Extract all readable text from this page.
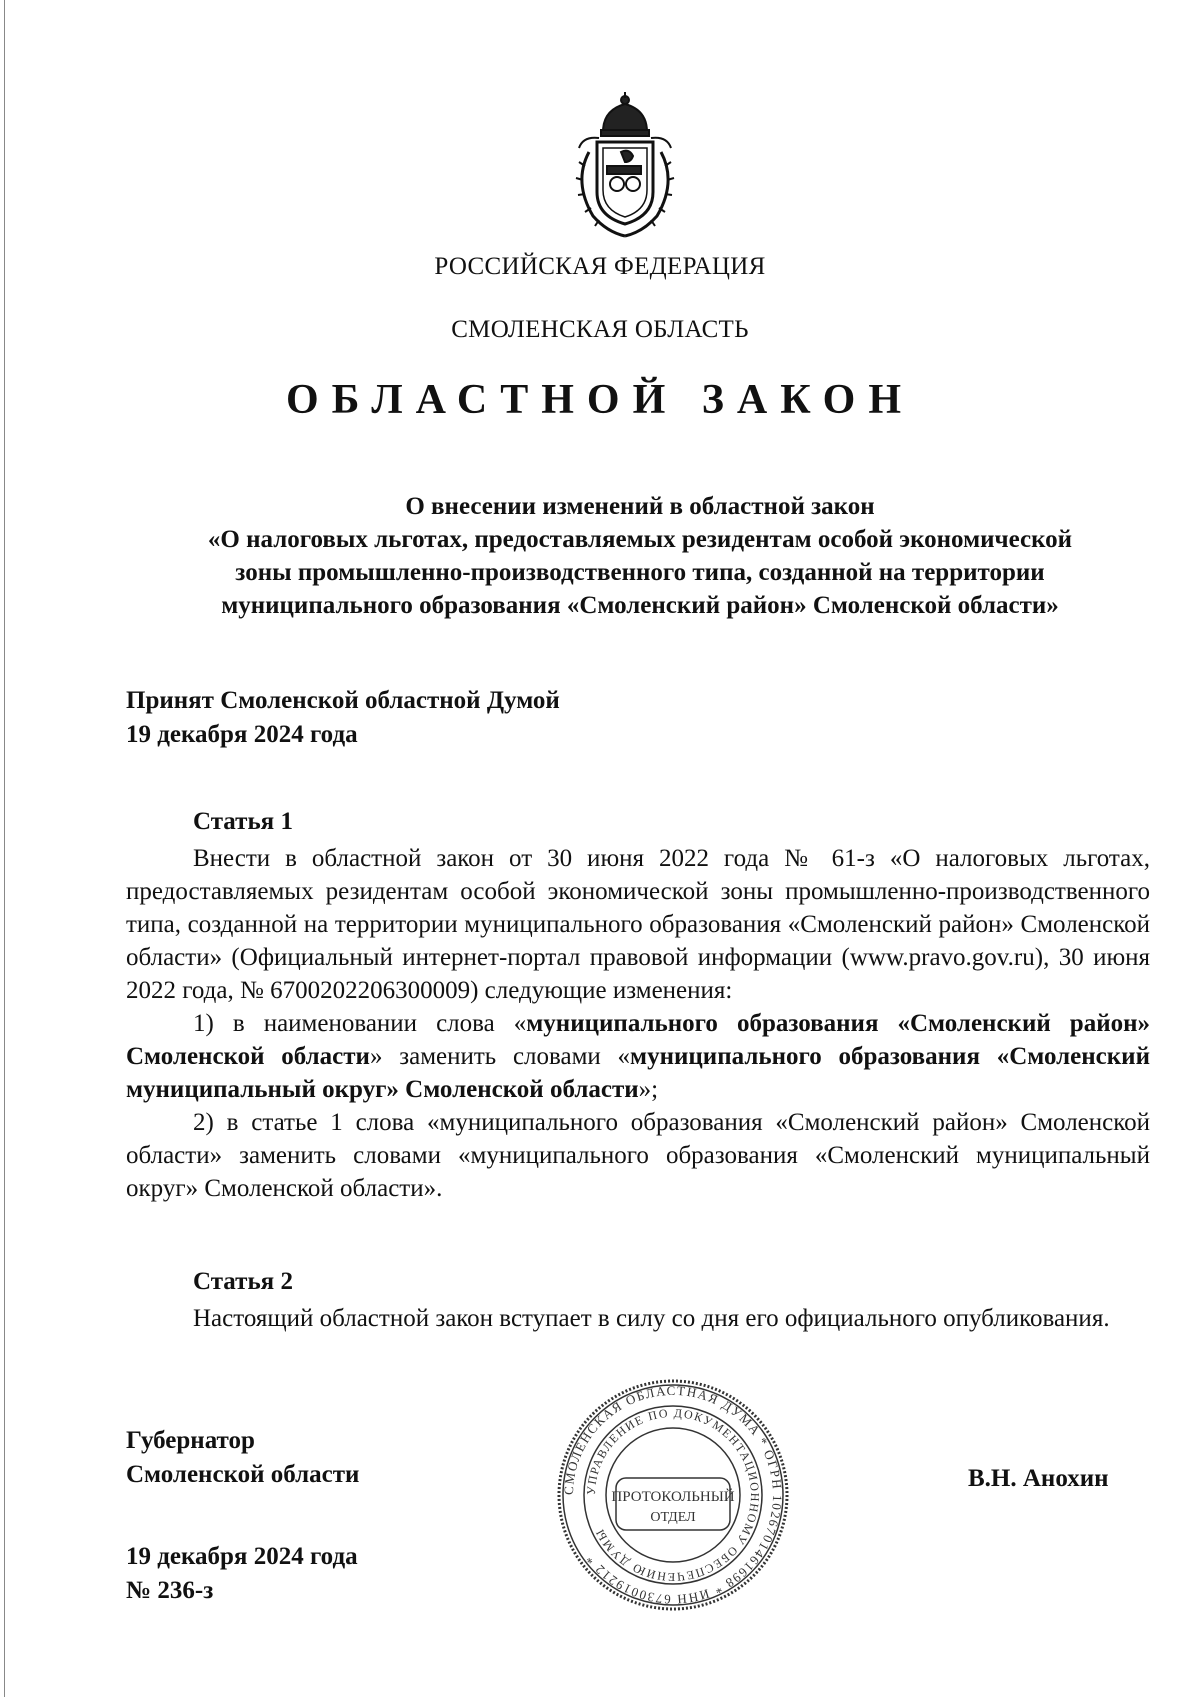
РОССИЙСКАЯ ФЕДЕРАЦИЯ
СМОЛЕНСКАЯ ОБЛАСТЬ
ОБЛАСТНОЙ ЗАКОН
О внесении изменений в областной закон
«О налоговых льготах, предоставляемых резидентам особой экономической
зоны промышленно-производственного типа, созданной на территории
муниципального образования «Смоленский район» Смоленской области»
Принят Смоленской областной Думой
19 декабря 2024 года
Статья 1

Внести в областной закон от 30 июня 2022 года № 61-з «О налоговых льготах, предоставляемых резидентам особой экономической зоны промышленно-производственного типа, созданной на территории муниципального образования «Смоленский район» Смоленской области» (Официальный интернет-портал правовой информации (www.pravo.gov.ru), 30 июня 2022 года, № 6700202206300009) следующие изменения:

1) в наименовании слова «муниципального образования «Смоленский район» Смоленской области» заменить словами «муниципального образования «Смоленский муниципальный округ» Смоленской области»;

2) в статье 1 слова «муниципального образования «Смоленский район» Смоленской области» заменить словами «муниципального образования «Смоленский муниципальный округ» Смоленской области».

Статья 2

Настоящий областной закон вступает в силу со дня его официального опубликования.

Губернатор
Смоленской области
19 декабря 2024 года
№ 236-з
В.Н. Анохин
СМОЛЕНСКАЯ ОБЛАСТНАЯ ДУМА * ОГРН 1026701461698 * ИНН 6730019212 *
УПРАВЛЕНИЕ ПО ДОКУМЕНТАЦИОННОМУ ОБЕСПЕЧЕНИЮ ДУМЫ
ПРОТОКОЛЬНЫЙ
ОТДЕЛ
